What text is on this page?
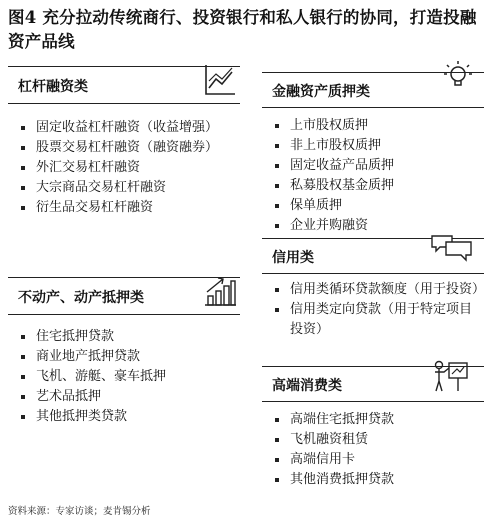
图4 充分拉动传统商行、投资银行和私人银行的协同，打造投融资产品线
杠杆融资类
固定收益杠杆融资（收益增强）
股票交易杠杆融资（融资融券）
外汇交易杠杆融资
大宗商品交易杠杆融资
衍生品交易杠杆融资
不动产、动产抵押类
住宅抵押贷款
商业地产抵押贷款
飞机、游艇、豪车抵押
艺术品抵押
其他抵押类贷款
金融资产质押类
上市股权质押
非上市股权质押
固定收益产品质押
私募股权基金质押
保单质押
企业并购融资
信用类
信用类循环贷款额度（用于投资）
信用类定向贷款（用于特定项目投资）
高端消费类
高端住宅抵押贷款
飞机融资租赁
高端信用卡
其他消费抵押贷款
资料来源：专家访谈；麦肯锡分析
